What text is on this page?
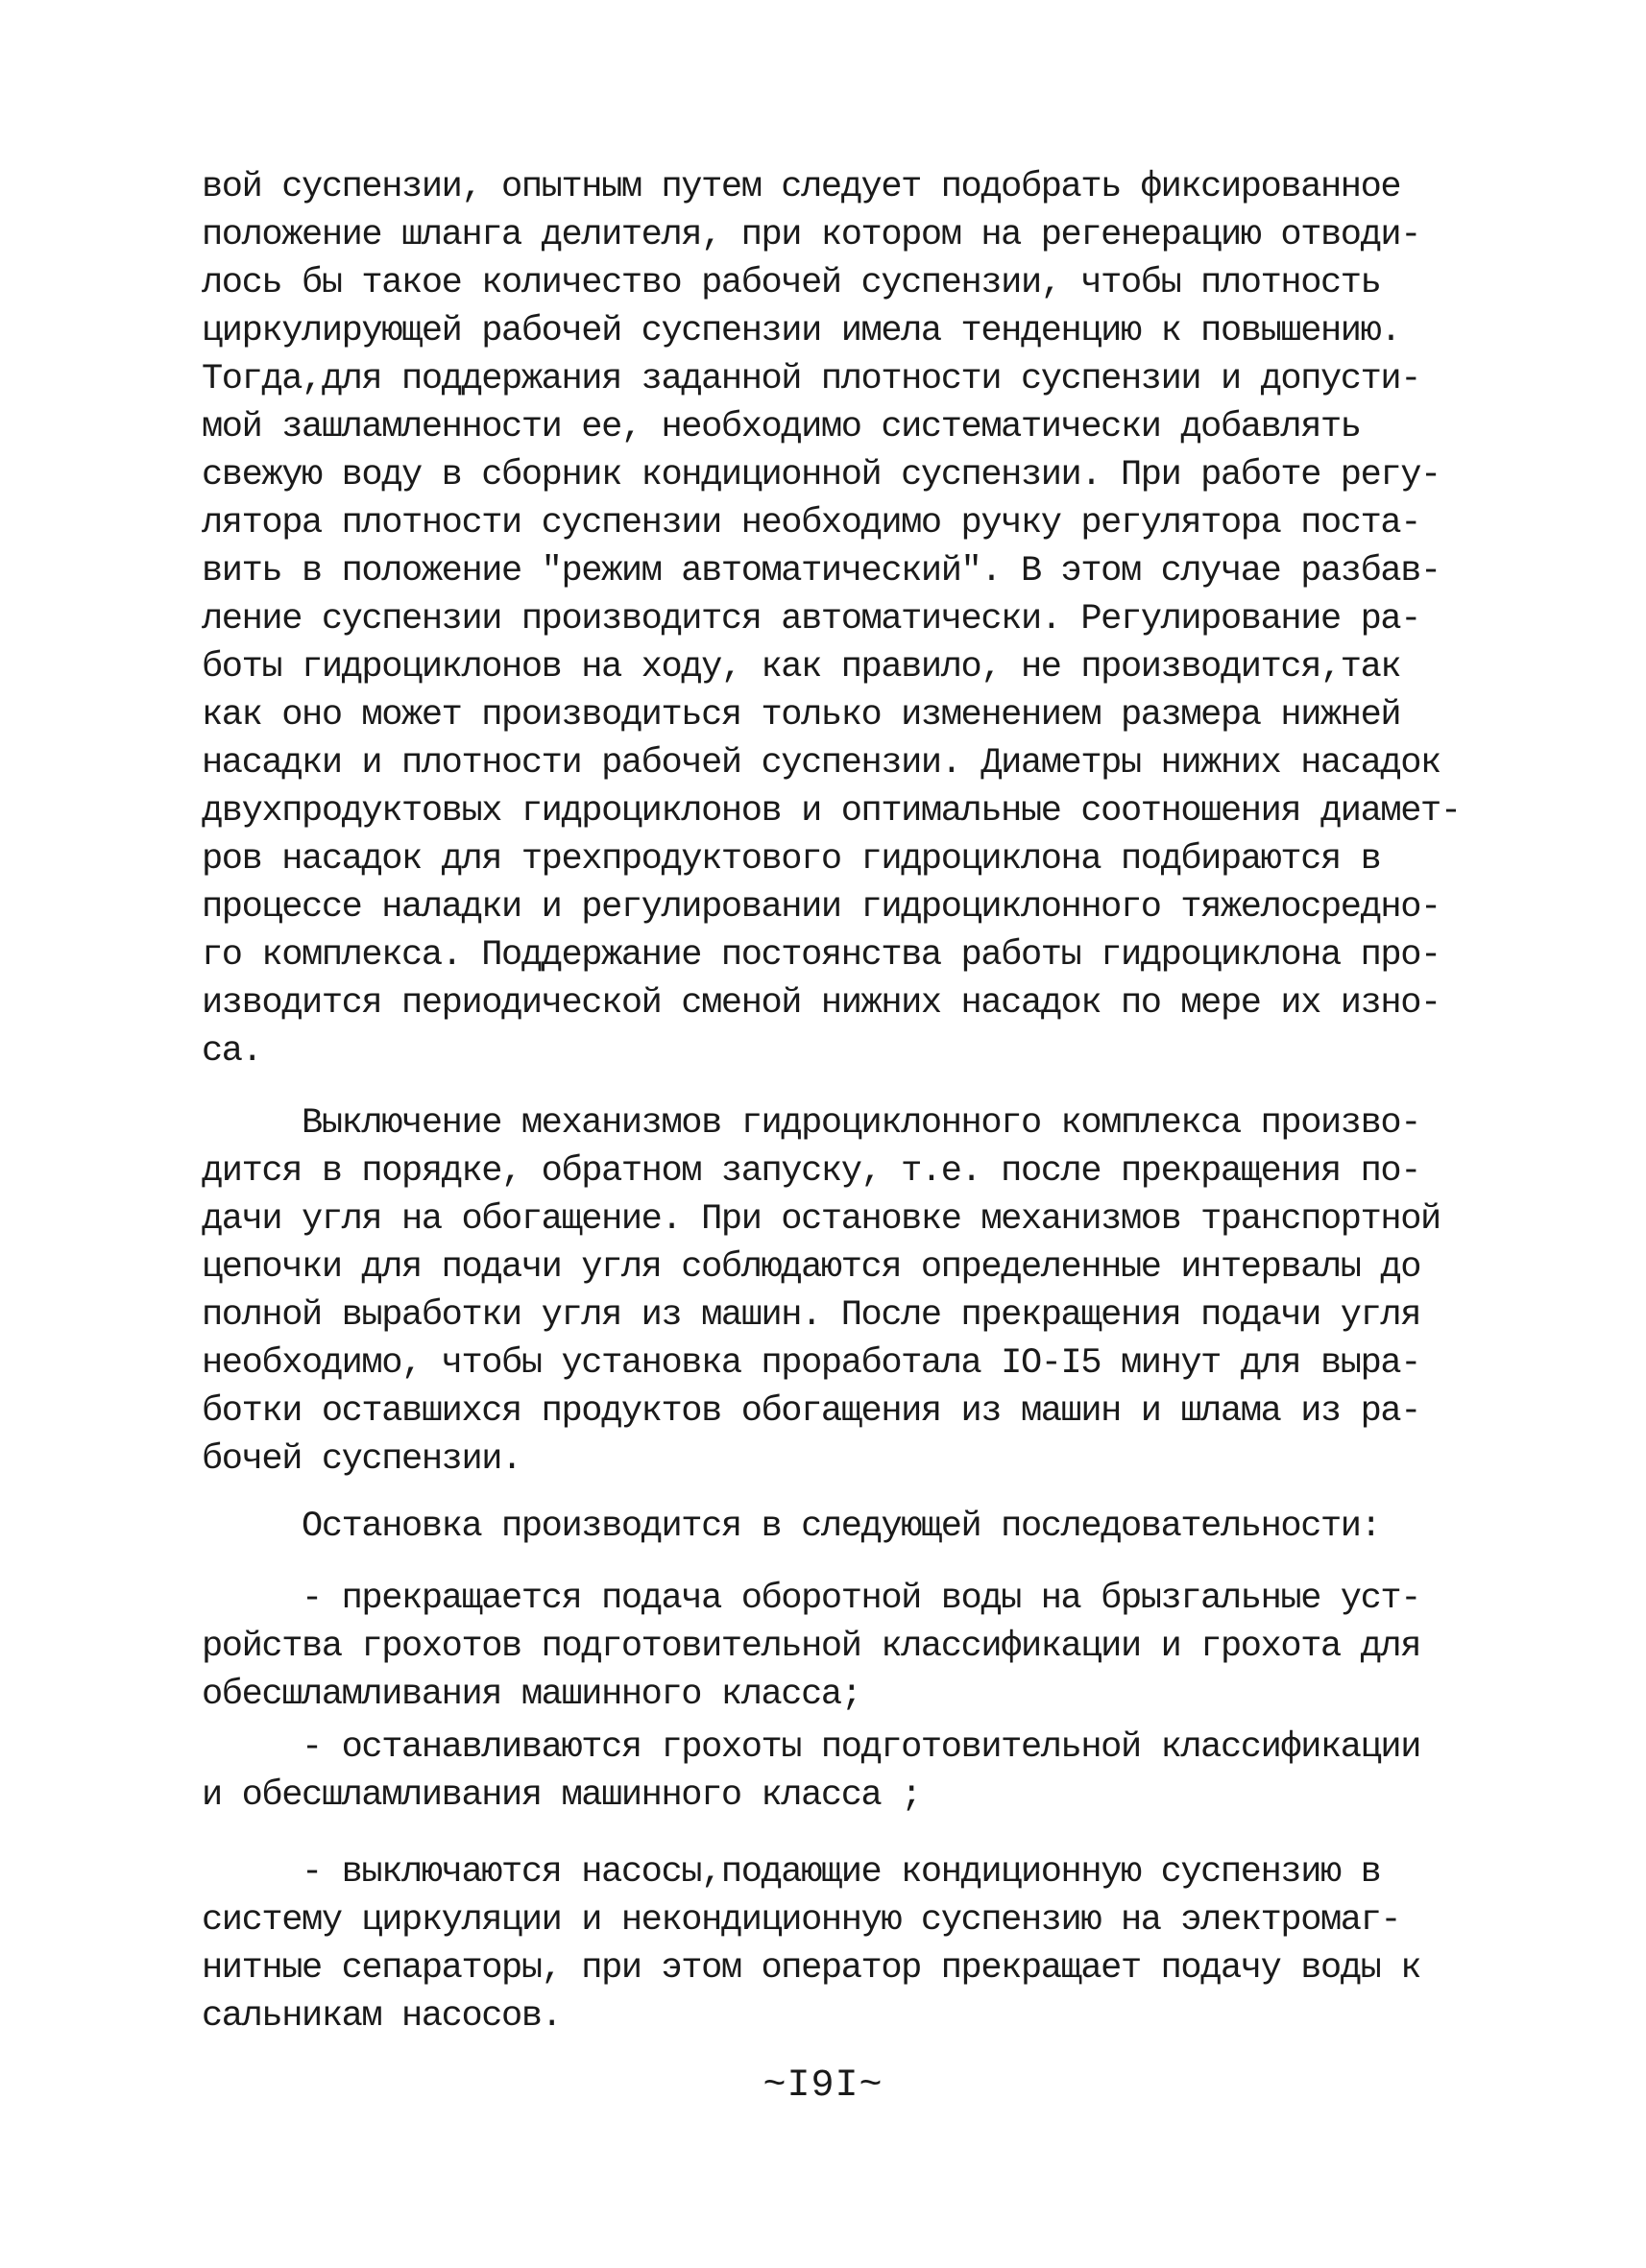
вой суспензии, опытным путем следует подобрать фиксированное
положение шланга делителя, при котором на регенерацию отводи-
лось бы такое количество рабочей суспензии, чтобы плотность
циркулирующей рабочей суспензии имела тенденцию к повышению.
Тогда,для поддержания заданной плотности суспензии и допусти-
мой зашламленности ее, необходимо систематически добавлять
свежую воду в сборник кондиционной суспензии. При работе регу-
лятора плотности суспензии необходимо ручку регулятора поста-
вить в положение "режим автоматический". В этом случае разбав-
ление суспензии производится автоматически. Регулирование ра-
боты гидроциклонов на ходу, как правило, не производится,так
как оно может производиться только изменением размера нижней
насадки и плотности рабочей суспензии. Диаметры нижних насадок
двухпродуктовых гидроциклонов и оптимальные соотношения диамет-
ров насадок для трехпродуктового гидроциклона подбираются в
процессе наладки и регулировании гидроциклонного тяжелосредно-
го комплекса. Поддержание постоянства работы гидроциклона про-
изводится периодической сменой нижних насадок по мере их изно-
са.
Выключение механизмов гидроциклонного комплекса произво-
дится в порядке, обратном запуску, т.е. после прекращения по-
дачи угля на обогащение. При остановке механизмов транспортной
цепочки для подачи угля соблюдаются определенные интервалы до
полной выработки угля из машин. После прекращения подачи угля
необходимо, чтобы установка проработала IO-I5 минут для выра-
ботки оставшихся продуктов обогащения из машин и шлама из ра-
бочей суспензии.
Остановка производится в следующей последовательности:
- прекращается подача оборотной воды на брызгальные уст-
ройства грохотов подготовительной классификации и грохота для
обесшламливания машинного класса;
- останавливаются грохоты подготовительной классификации
и обесшламливания машинного класса ;
- выключаются насосы,подающие кондиционную суспензию в
систему циркуляции и некондиционную суспензию на электромаг-
нитные сепараторы, при этом оператор прекращает подачу воды к
сальникам насосов.
~I9I~
